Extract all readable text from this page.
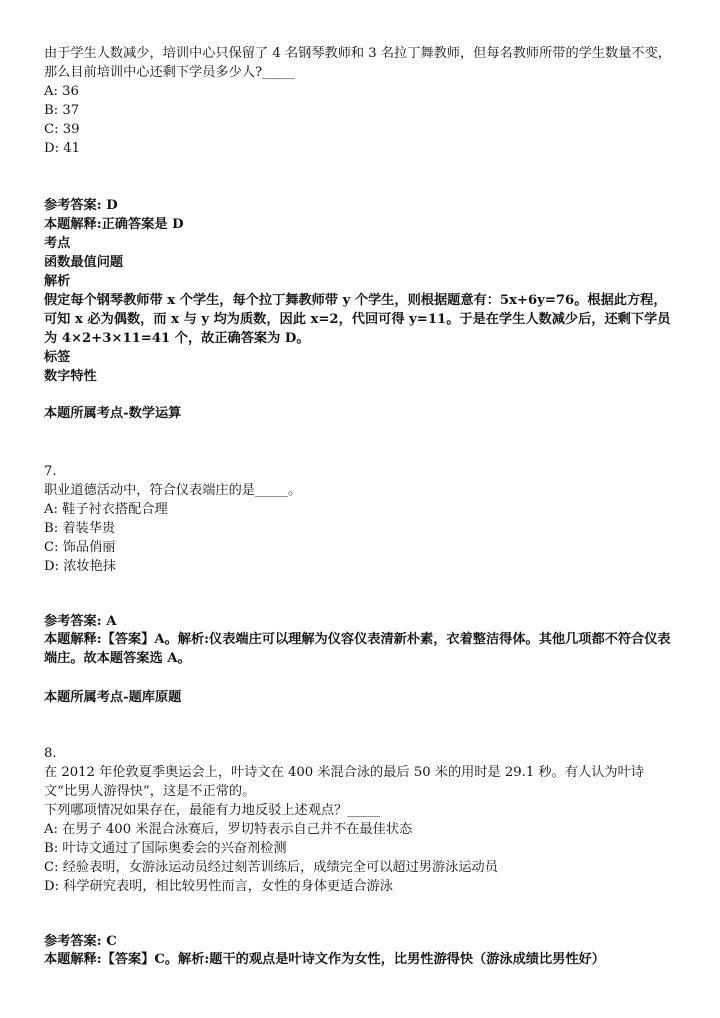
由于学生人数减少，培训中心只保留了 4 名钢琴教师和 3 名拉丁舞教师，但每名教师所带的学生数量不变，那么目前培训中心还剩下学员多少人?_____
A: 36
B: 37
C: 39
D: 41
参考答案: D
本题解释:正确答案是 D
考点
函数最值问题
解析
假定每个钢琴教师带 x 个学生，每个拉丁舞教师带 y 个学生，则根据题意有：5x+6y=76。根据此方程，可知 x 必为偶数，而 x 与 y 均为质数，因此 x=2，代回可得 y=11。于是在学生人数减少后，还剩下学员为 4×2+3×11=41 个，故正确答案为 D。
标签
数字特性
本题所属考点-数学运算
7.
职业道德活动中，符合仪表端庄的是_____。
A: 鞋子衬衣搭配合理
B: 着装华贵
C: 饰品俏丽
D: 浓妆艳抹
参考答案: A
本题解释:【答案】A。解析:仪表端庄可以理解为仪容仪表清新朴素，衣着整洁得体。其他几项都不符合仪表端庄。故本题答案选 A。
本题所属考点-题库原题
8.
在 2012 年伦敦夏季奥运会上，叶诗文在 400 米混合泳的最后 50 米的用时是 29.1 秒。有人认为叶诗文“比男人游得快”，这是不正常的。
下列哪项情况如果存在，最能有力地反驳上述观点？_____
A: 在男子 400 米混合泳赛后，罗切特表示自己并不在最佳状态
B: 叶诗文通过了国际奥委会的兴奋剂检测
C: 经验表明，女游泳运动员经过刻苦训练后，成绩完全可以超过男游泳运动员
D: 科学研究表明，相比较男性而言，女性的身体更适合游泳
参考答案: C
本题解释:【答案】C。解析:题干的观点是叶诗文作为女性，比男性游得快（游泳成绩比男性好）
